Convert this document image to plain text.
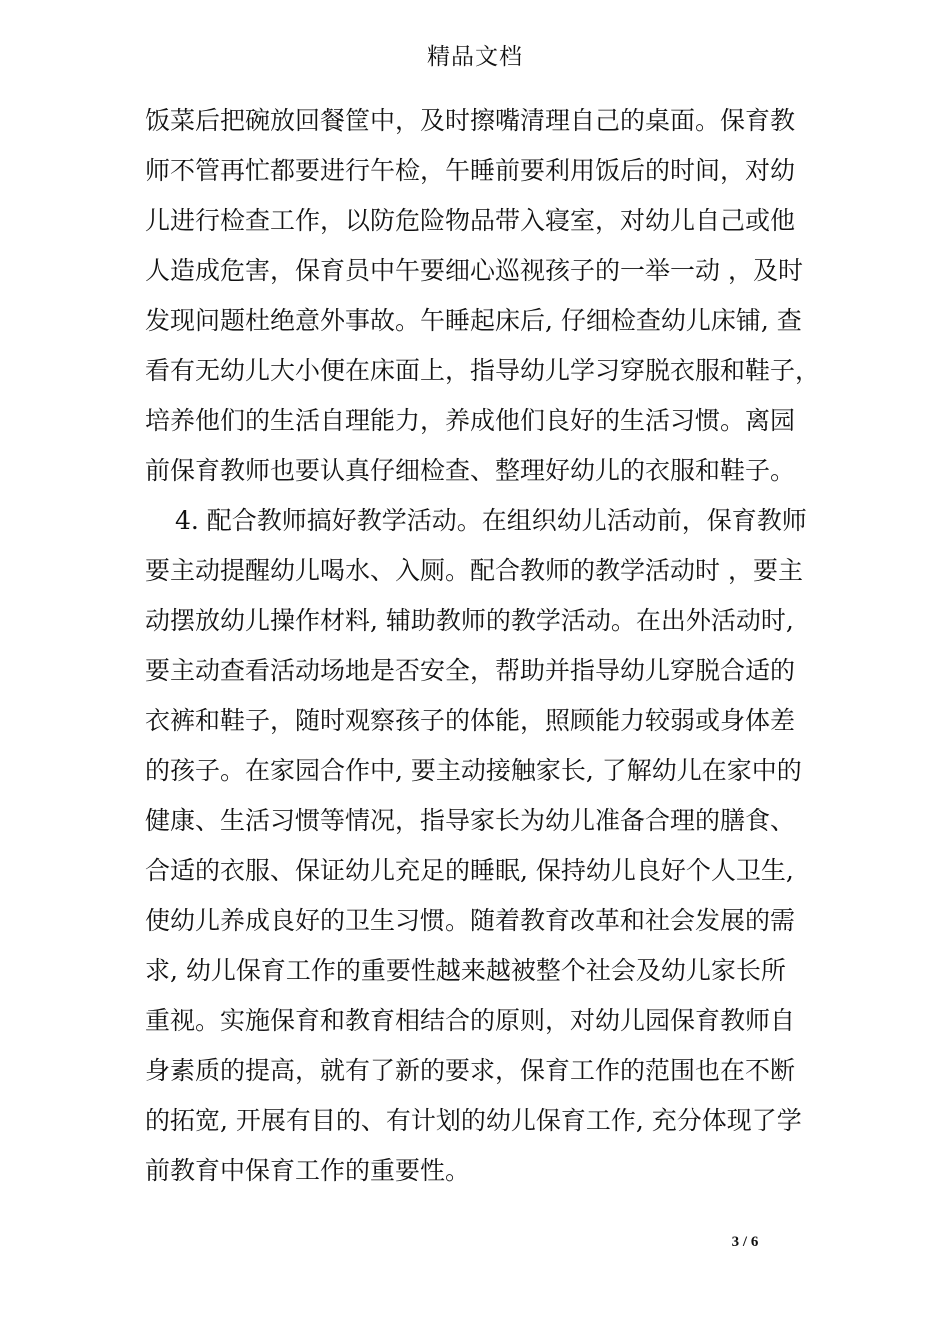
精品文档
饭菜后把碗放回餐筐中，及时擦嘴清理自己的桌面。保育教
师不管再忙都要进行午检，午睡前要利用饭后的时间，对幼
儿进行检查工作，以防危险物品带入寝室，对幼儿自己或他
人造成危害，保育员中午要细心巡视孩子的一举一动 ，及时
发现问题杜绝意外事故。午睡起床后, 仔细检查幼儿床铺, 查
看有无幼儿大小便在床面上，指导幼儿学习穿脱衣服和鞋子，
培养他们的生活自理能力，养成他们良好的生活习惯。离园
前保育教师也要认真仔细检查、整理好幼儿的衣服和鞋子。
4. 配合教师搞好教学活动。在组织幼儿活动前，保育教师
要主动提醒幼儿喝水、入厕。配合教师的教学活动时 ，要主
动摆放幼儿操作材料, 辅助教师的教学活动。在出外活动时,
要主动查看活动场地是否安全，帮助并指导幼儿穿脱合适的
衣裤和鞋子，随时观察孩子的体能，照顾能力较弱或身体差
的孩子。在家园合作中, 要主动接触家长, 了解幼儿在家中的
健康、生活习惯等情况，指导家长为幼儿准备合理的膳食、
合适的衣服、保证幼儿充足的睡眠, 保持幼儿良好个人卫生,
使幼儿养成良好的卫生习惯。随着教育改革和社会发展的需
求, 幼儿保育工作的重要性越来越被整个社会及幼儿家长所
重视。实施保育和教育相结合的原则，对幼儿园保育教师自
身素质的提高，就有了新的要求，保育工作的范围也在不断
的拓宽, 开展有目的、有计划的幼儿保育工作, 充分体现了学
前教育中保育工作的重要性。
3 / 6
